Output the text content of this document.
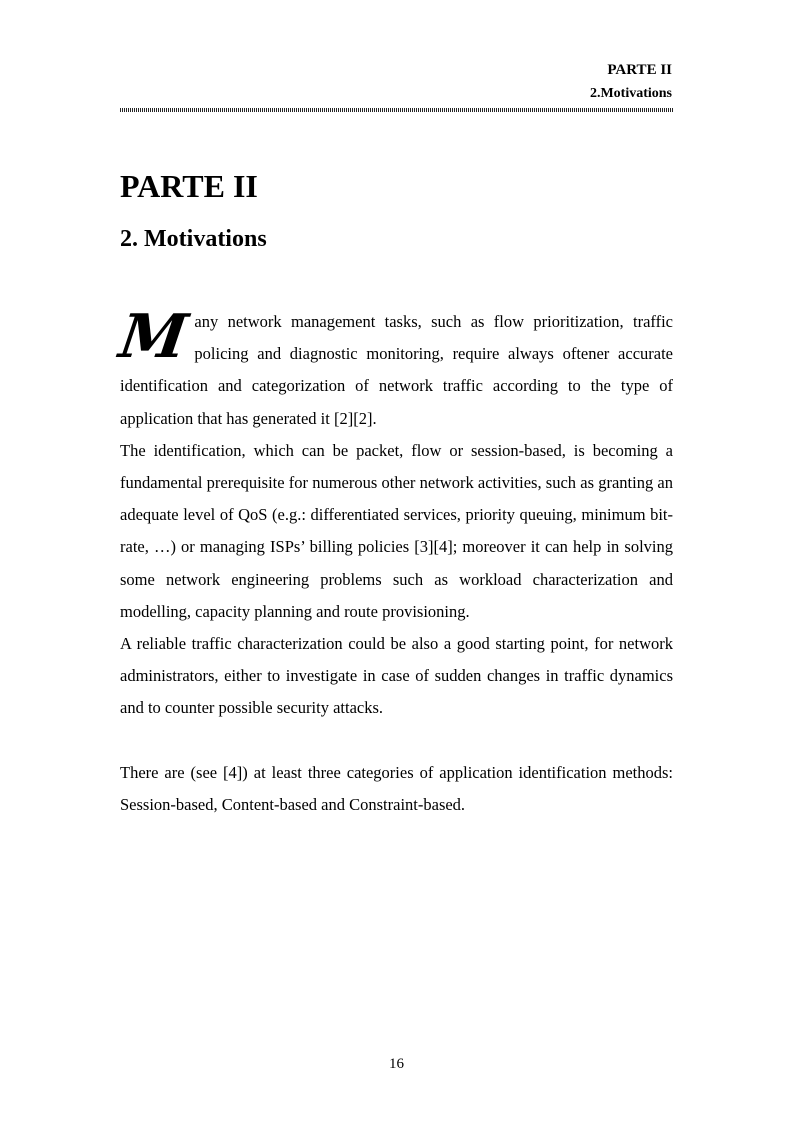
PARTE II
2.Motivations
PARTE II
2. Motivations

Many network management tasks, such as flow prioritization, traffic policing and diagnostic monitoring, require always oftener accurate identification and categorization of network traffic according to the type of application that has generated it [2][2].

The identification, which can be packet, flow or session-based, is becoming a fundamental prerequisite for numerous other network activities, such as granting an adequate level of QoS (e.g.: differentiated services, priority queuing, minimum bit-rate, …) or managing ISPs’ billing policies [3][4]; moreover it can help in solving some network engineering problems such as workload characterization and modelling, capacity planning and route provisioning.

A reliable traffic characterization could be also a good starting point, for network administrators, either to investigate in case of sudden changes in traffic dynamics and to counter possible security attacks.

There are (see [4]) at least three categories of application identification methods: Session-based, Content-based and Constraint-based.

16
